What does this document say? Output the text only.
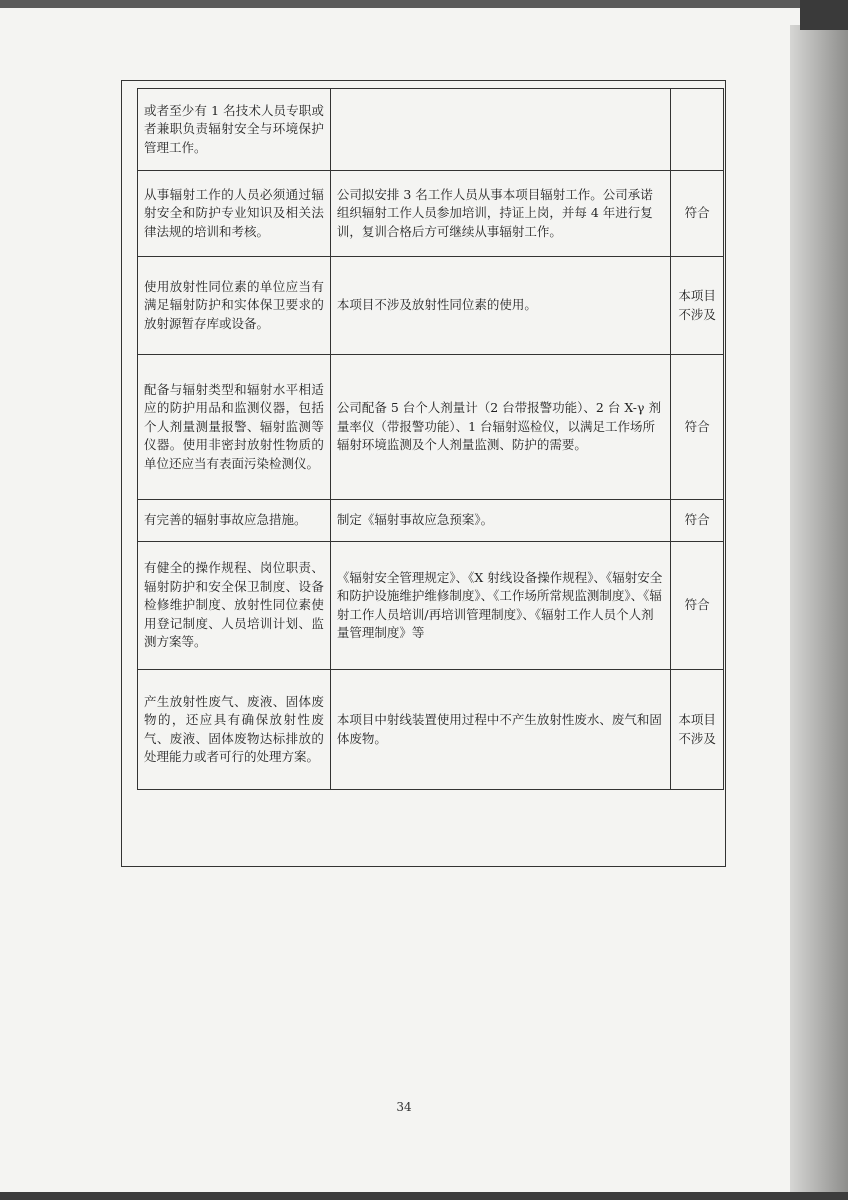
或者至少有 1 名技术人员专职或者兼职负责辐射安全与环境保护管理工作。		
从事辐射工作的人员必须通过辐射安全和防护专业知识及相关法律法规的培训和考核。	公司拟安排 3 名工作人员从事本项目辐射工作。公司承诺组织辐射工作人员参加培训，持证上岗，并每 4 年进行复训，复训合格后方可继续从事辐射工作。	符合
使用放射性同位素的单位应当有满足辐射防护和实体保卫要求的放射源暂存库或设备。	本项目不涉及放射性同位素的使用。	本项目不涉及
配备与辐射类型和辐射水平相适应的防护用品和监测仪器，包括个人剂量测量报警、辐射监测等仪器。使用非密封放射性物质的单位还应当有表面污染检测仪。	公司配备 5 台个人剂量计（2 台带报警功能）、2 台 X-γ 剂量率仪（带报警功能）、1 台辐射巡检仪，以满足工作场所辐射环境监测及个人剂量监测、防护的需要。	符合
有完善的辐射事故应急措施。	制定《辐射事故应急预案》。	符合
有健全的操作规程、岗位职责、辐射防护和安全保卫制度、设备检修维护制度、放射性同位素使用登记制度、人员培训计划、监测方案等。	《辐射安全管理规定》、《X 射线设备操作规程》、《辐射安全和防护设施维护维修制度》、《工作场所常规监测制度》、《辐射工作人员培训/再培训管理制度》、《辐射工作人员个人剂量管理制度》等	符合
产生放射性废气、废液、固体废物的，还应具有确保放射性废气、废液、固体废物达标排放的处理能力或者可行的处理方案。	本项目中射线装置使用过程中不产生放射性废水、废气和固体废物。	本项目不涉及
34
